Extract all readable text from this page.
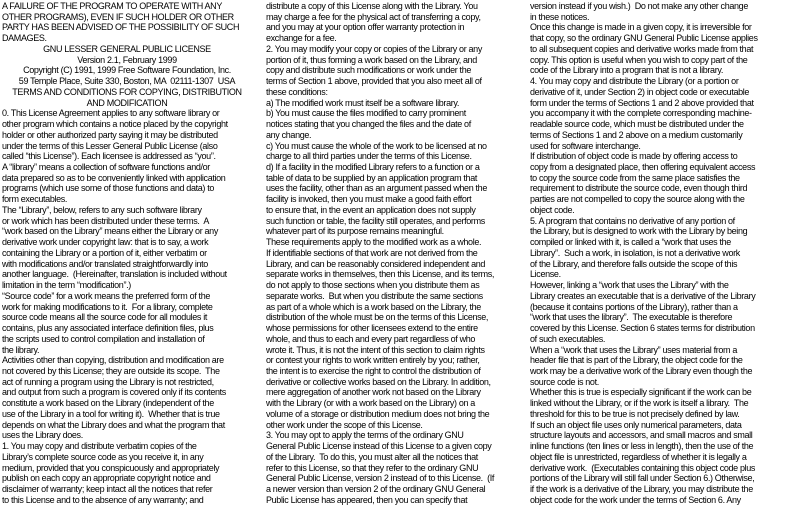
A FAILURE OF THE PROGRAM TO OPERATE WITH ANY
OTHER PROGRAMS), EVEN IF SUCH HOLDER OR OTHER
PARTY HAS BEEN ADVISED OF THE POSSIBILITY OF SUCH
DAMAGES.
GNU LESSER GENERAL PUBLIC LICENSE
Version 2.1, February 1999
Copyright (C) 1991, 1999 Free Software Foundation, Inc.
59 Temple Place, Suite 330, Boston, MA  02111-1307  USA
TERMS AND CONDITIONS FOR COPYING, DISTRIBUTION
AND MODIFICATION
0. This License Agreement applies to any software library or
other program which contains a notice placed by the copyright
holder or other authorized party saying it may be distributed
under the terms of this Lesser General Public License (also
called “this License”). Each licensee is addressed as “you”.
A “library” means a collection of software functions and/or
data prepared so as to be conveniently linked with application
programs (which use some of those functions and data) to
form executables.
The “Library”, below, refers to any such software library
or work which has been distributed under these terms.  A
“work based on the Library” means either the Library or any
derivative work under copyright law: that is to say, a work
containing the Library or a portion of it, either verbatim or
with modifications and/or translated straightforwardly into
another language.  (Hereinafter, translation is included without
limitation in the term “modification”.)
“Source code” for a work means the preferred form of the
work for making modifications to it.  For a library, complete
source code means all the source code for all modules it
contains, plus any associated interface definition files, plus
the scripts used to control compilation and installation of
the library.
Activities other than copying, distribution and modification are
not covered by this License; they are outside its scope.  The
act of running a program using the Library is not restricted,
and output from such a program is covered only if its contents
constitute a work based on the Library (independent of the
use of the Library in a tool for writing it).  Whether that is true
depends on what the Library does and what the program that
uses the Library does.
1. You may copy and distribute verbatim copies of the
Library’s complete source code as you receive it, in any
medium, provided that you conspicuously and appropriately
publish on each copy an appropriate copyright notice and
disclaimer of warranty; keep intact all the notices that refer
to this License and to the absence of any warranty; and
distribute a copy of this License along with the Library. You
may charge a fee for the physical act of transferring a copy,
and you may at your option offer warranty protection in
exchange for a fee.
2. You may modify your copy or copies of the Library or any
portion of it, thus forming a work based on the Library, and
copy and distribute such modifications or work under the
terms of Section 1 above, provided that you also meet all of
these conditions:
a) The modified work must itself be a software library.
b) You must cause the files modified to carry prominent
notices stating that you changed the files and the date of
any change.
c) You must cause the whole of the work to be licensed at no
charge to all third parties under the terms of this License.
d) If a facility in the modified Library refers to a function or a
table of data to be supplied by an application program that
uses the facility, other than as an argument passed when the
facility is invoked, then you must make a good faith effort
to ensure that, in the event an application does not supply
such function or table, the facility still operates, and performs
whatever part of its purpose remains meaningful.
These requirements apply to the modified work as a whole.
If identifiable sections of that work are not derived from the
Library, and can be reasonably considered independent and
separate works in themselves, then this License, and its terms,
do not apply to those sections when you distribute them as
separate works.  But when you distribute the same sections
as part of a whole which is a work based on the Library, the
distribution of the whole must be on the terms of this License,
whose permissions for other licensees extend to the entire
whole, and thus to each and every part regardless of who
wrote it. Thus, it is not the intent of this section to claim rights
or contest your rights to work written entirely by you; rather,
the intent is to exercise the right to control the distribution of
derivative or collective works based on the Library. In addition,
mere aggregation of another work not based on the Library
with the Library (or with a work based on the Library) on a
volume of a storage or distribution medium does not bring the
other work under the scope of this License.
3. You may opt to apply the terms of the ordinary GNU
General Public License instead of this License to a given copy
of the Library.  To do this, you must alter all the notices that
refer to this License, so that they refer to the ordinary GNU
General Public License, version 2 instead of to this License.  (If
a newer version than version 2 of the ordinary GNU General
Public License has appeared, then you can specify that
version instead if you wish.)  Do not make any other change
in these notices.
Once this change is made in a given copy, it is irreversible for
that copy, so the ordinary GNU General Public License applies
to all subsequent copies and derivative works made from that
copy. This option is useful when you wish to copy part of the
code of the Library into a program that is not a library.
4. You may copy and distribute the Library (or a portion or
derivative of it, under Section 2) in object code or executable
form under the terms of Sections 1 and 2 above provided that
you accompany it with the complete corresponding machine-
readable source code, which must be distributed under the
terms of Sections 1 and 2 above on a medium customarily
used for software interchange.
If distribution of object code is made by offering access to
copy from a designated place, then offering equivalent access
to copy the source code from the same place satisfies the
requirement to distribute the source code, even though third
parties are not compelled to copy the source along with the
object code.
5. A program that contains no derivative of any portion of
the Library, but is designed to work with the Library by being
compiled or linked with it, is called a “work that uses the
Library”.  Such a work, in isolation, is not a derivative work
of the Library, and therefore falls outside the scope of this
License.
However, linking a “work that uses the Library” with the
Library creates an executable that is a derivative of the Library
(because it contains portions of the Library), rather than a
“work that uses the library”.  The executable is therefore
covered by this License. Section 6 states terms for distribution
of such executables.
When a “work that uses the Library” uses material from a
header file that is part of the Library, the object code for the
work may be a derivative work of the Library even though the
source code is not.
Whether this is true is especially significant if the work can be
linked without the Library, or if the work is itself a library.  The
threshold for this to be true is not precisely defined by law.
If such an object file uses only numerical parameters, data
structure layouts and accessors, and small macros and small
inline functions (ten lines or less in length), then the use of the
object file is unrestricted, regardless of whether it is legally a
derivative work.  (Executables containing this object code plus
portions of the Library will still fall under Section 6.) Otherwise,
if the work is a derivative of the Library, you may distribute the
object code for the work under the terms of Section 6. Any
